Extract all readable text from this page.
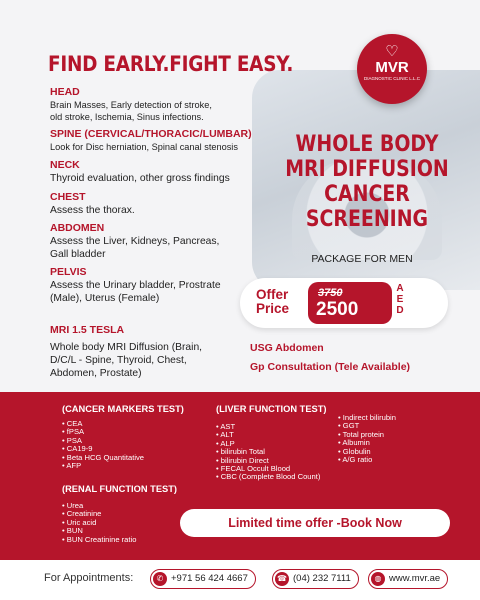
FIND EARLY.FIGHT EASY.
HEAD
Brain Masses, Early detection of stroke,
old stroke, Ischemia, Sinus infections.
SPINE (CERVICAL/THORACIC/LUMBAR)
Look for Disc herniation, Spinal canal stenosis
NECK
Thyroid evaluation, other gross findings
CHEST
Assess the thorax.
ABDOMEN
Assess the Liver, Kidneys, Pancreas,
Gall bladder
PELVIS
Assess the Urinary bladder, Prostrate
(Male), Uterus (Female)
MRI 1.5 TESLA
Whole body MRI Diffusion (Brain,
D/C/L - Spine, Thyroid, Chest,
Abdomen, Prostate)
♡
MVR
DIAGNOSTIC CLINIC L.L.C
WHOLE BODY
MRI DIFFUSION
CANCER
SCREENING
PACKAGE FOR MEN
Offer
Price
3750
2500
A
E
D
USG Abdomen
Gp Consultation (Tele Available)
(CANCER MARKERS TEST)
• CEA
• fPSA
• PSA
• CA19-9
• Beta HCG Quantitative
• AFP
(LIVER FUNCTION TEST)
• AST
• ALT
• ALP
• bilirubin Total
• bilirubin Direct
• FECAL Occult Blood
• CBC (Complete Blood Count)
• Indirect bilirubin
• GGT
• Total protein
• Albumin
• Globulin
• A/G ratio
(RENAL FUNCTION TEST)
• Urea
• Creatinine
• Uric acid
• BUN
• BUN Creatinine ratio
Limited time offer -Book Now
For Appointments:	✆ +971 56 424 4667	☎ (04) 232 7111	◍ www.mvr.ae
